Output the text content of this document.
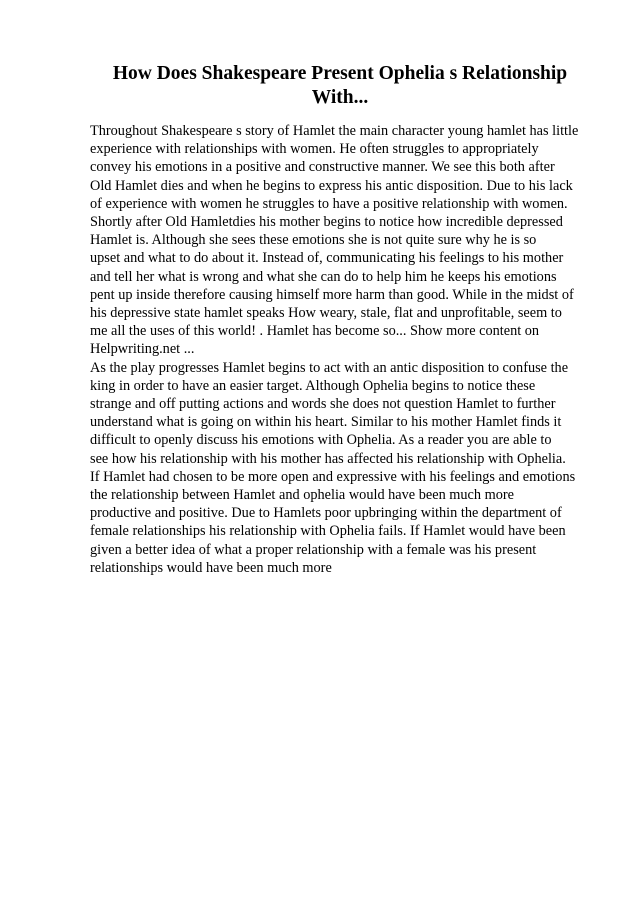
How Does Shakespeare Present Ophelia s Relationship
With...
Throughout Shakespeare s story of Hamlet the main character young hamlet has little
experience with relationships with women. He often struggles to appropriately
convey his emotions in a positive and constructive manner. We see this both after
Old Hamlet dies and when he begins to express his antic disposition. Due to his lack
of experience with women he struggles to have a positive relationship with women.
Shortly after Old Hamletdies his mother begins to notice how incredible depressed
Hamlet is. Although she sees these emotions she is not quite sure why he is so
upset and what to do about it. Instead of, communicating his feelings to his mother
and tell her what is wrong and what she can do to help him he keeps his emotions
pent up inside therefore causing himself more harm than good. While in the midst of
his depressive state hamlet speaks How weary, stale, flat and unprofitable, seem to
me all the uses of this world! . Hamlet has become so... Show more content on
Helpwriting.net ...
As the play progresses Hamlet begins to act with an antic disposition to confuse the
king in order to have an easier target. Although Ophelia begins to notice these
strange and off putting actions and words she does not question Hamlet to further
understand what is going on within his heart. Similar to his mother Hamlet finds it
difficult to openly discuss his emotions with Ophelia. As a reader you are able to
see how his relationship with his mother has affected his relationship with Ophelia.
If Hamlet had chosen to be more open and expressive with his feelings and emotions
the relationship between Hamlet and ophelia would have been much more
productive and positive. Due to Hamlets poor upbringing within the department of
female relationships his relationship with Ophelia fails. If Hamlet would have been
given a better idea of what a proper relationship with a female was his present
relationships would have been much more
